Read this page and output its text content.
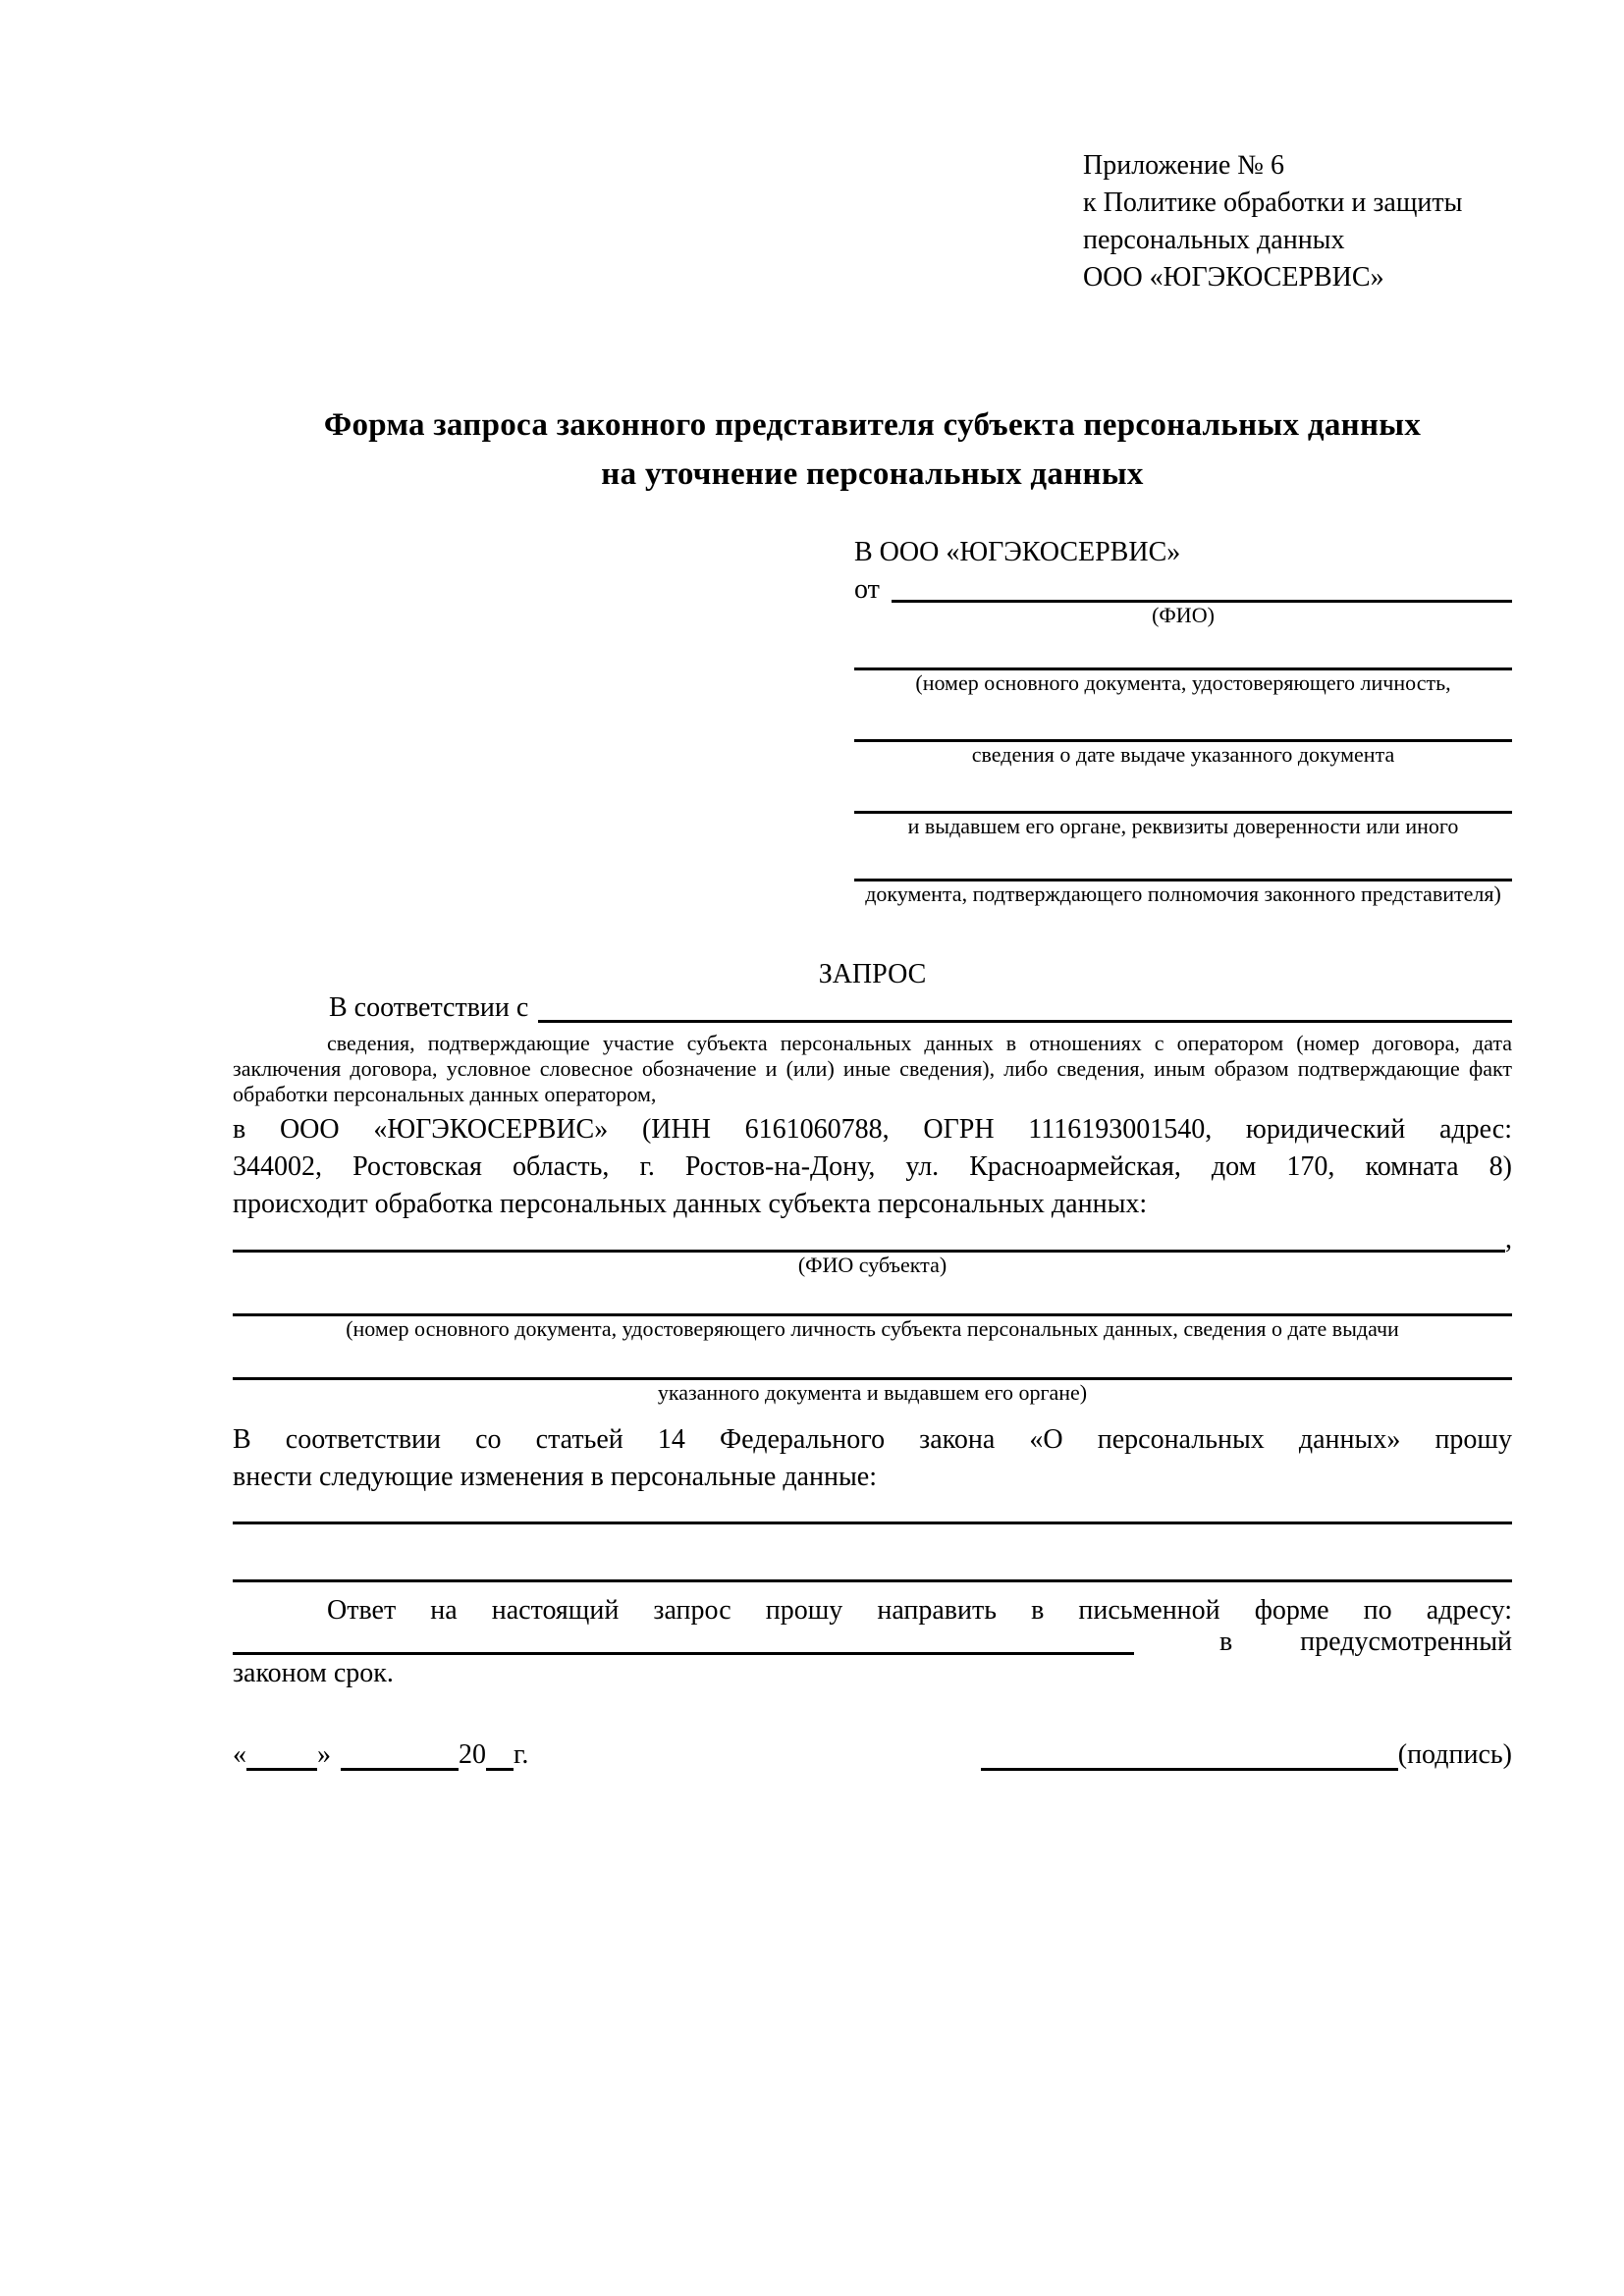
Приложение № 6
к Политике обработки и защиты
персональных данных
ООО «ЮГЭКОСЕРВИС»
Форма запроса законного представителя субъекта персональных данных
на уточнение персональных данных
В ООО «ЮГЭКОСЕРВИС»
от
(ФИО)
(номер основного документа, удостоверяющего личность,
сведения о дате выдаче указанного документа
и выдавшем его органе, реквизиты доверенности или иного
документа, подтверждающего полномочия законного представителя)
ЗАПРОС
В соответствии с
сведения, подтверждающие участие субъекта персональных данных в отношениях с оператором (номер договора, дата
заключения договора, условное словесное обозначение и (или) иные сведения), либо сведения, иным образом подтверждающие факт
обработки персональных данных оператором,
в ООО «ЮГЭКОСЕРВИС» (ИНН 6161060788, ОГРН 1116193001540, юридический адрес:
344002, Ростовская область, г. Ростов-на-Дону, ул. Красноармейская, дом 170, комната 8)
происходит обработка персональных данных субъекта персональных данных:
,
(ФИО субъекта)
(номер основного документа, удостоверяющего личность субъекта персональных данных, сведения о дате выдачи
указанного документа и выдавшем его органе)
В соответствии со статьей 14 Федерального закона «О персональных данных» прошу
внести следующие изменения в персональные данные:
Ответ на настоящий запрос прошу направить в письменной форме по адресу:
в предусмотренный
законом срок.
«	»	20 г.	(подпись)
